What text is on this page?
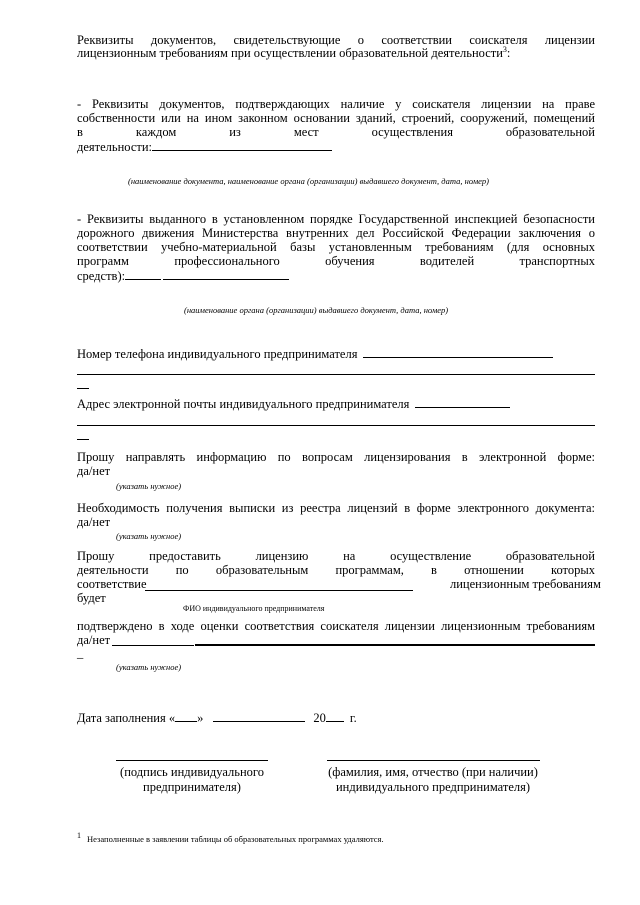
Реквизиты документов, свидетельствующие о соответствии соискателя лицензии
лицензионным требованиям при осуществлении образовательной деятельности$^3$:
- Реквизиты документов, подтверждающих наличие у соискателя лицензии на праве
собственности или на ином законном основании зданий, строений, сооружений, помещений
в каждом из мест осуществления образовательной
деятельности:
(наименование документа, наименование органа (организации) выдавшего документ, дата, номер)
- Реквизиты выданного в установленном порядке Государственной инспекцией безопасности
дорожного движения Министерства внутренних дел Российской Федерации заключения о
соответствии учебно-материальной базы установленным требованиям (для основных
программ профессионального обучения водителей транспортных
средств):
(наименование органа (организации) выдавшего документ, дата, номер)
Номер телефона индивидуального предпринимателя
Адрес электронной почты индивидуального предпринимателя
Прошу направлять информацию по вопросам лицензирования в электронной форме:
да/нет
(указать нужное)
Необходимость получения выписки из реестра лицензий в форме электронного документа:
да/нет
(указать нужное)
Прошу предоставить лицензию на осуществление образовательной
деятельности по образовательным программам, в отношении которых
соответствие	лицензионным требованиям
будет
ФИО индивидуального предпринимателя
подтверждено в ходе оценки соответствия соискателя лицензии лицензионным требованиям
да/нет
_
(указать нужное)
Дата заполнения « »	20 г.
(подпись индивидуального
предпринимателя)
(фамилия, имя, отчество (при наличии)
индивидуального предпринимателя)
$^1$ Незаполненные в заявлении таблицы об образовательных программах удаляются.
